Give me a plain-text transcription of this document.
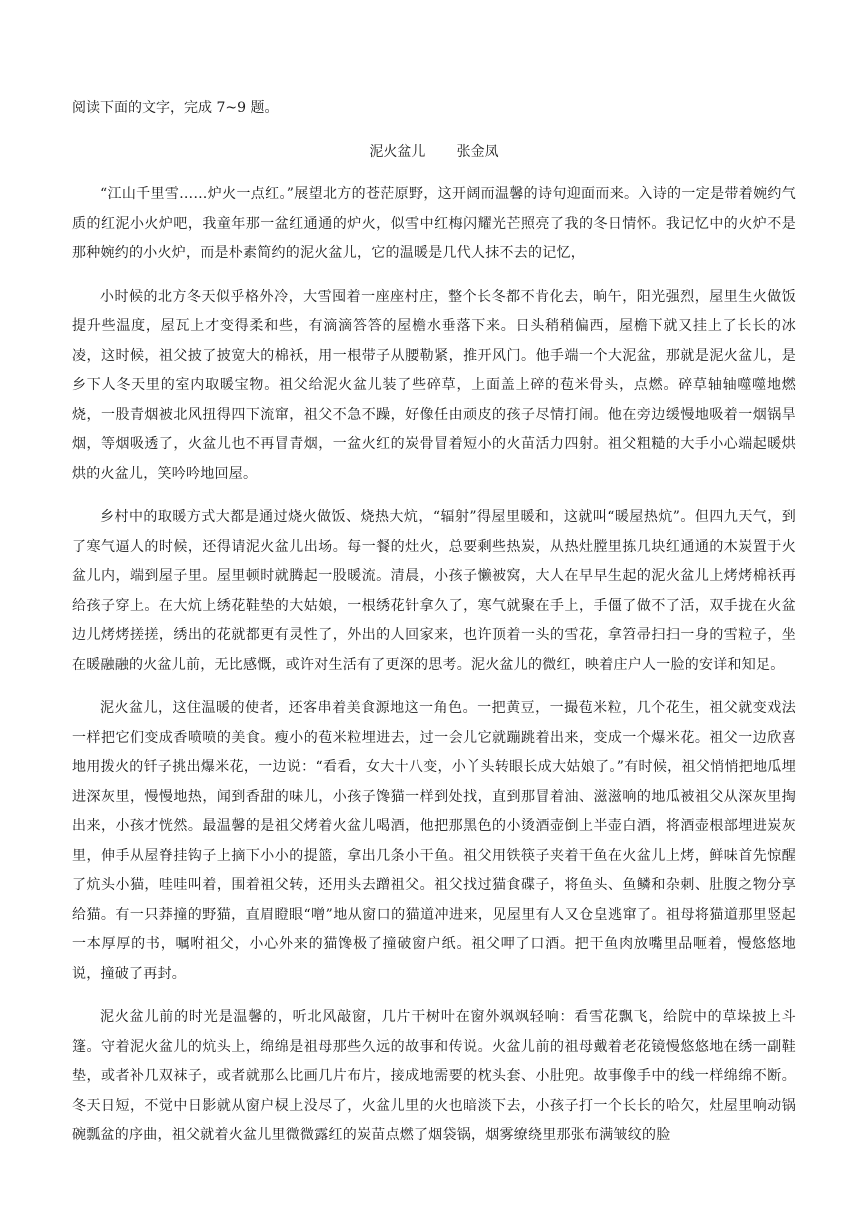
阅读下面的文字，完成 7~9 题。

泥火盆儿 张金凤

“江山千里雪……炉火一点红。”展望北方的苍茫原野，这开阔而温馨的诗句迎面而来。入诗的一定是带着婉约气质的红泥小火炉吧，我童年那一盆红通通的炉火，似雪中红梅闪耀光芒照亮了我的冬日情怀。我记忆中的火炉不是那种婉约的小火炉，而是朴素简约的泥火盆儿，它的温暖是几代人抹不去的记忆，

小时候的北方冬天似乎格外冷，大雪囤着一座座村庄，整个长冬都不肯化去，晌午，阳光强烈，屋里生火做饭提升些温度，屋瓦上才变得柔和些，有滴滴答答的屋檐水垂落下来。日头稍稍偏西，屋檐下就又挂上了长长的冰凌，这时候，祖父披了披宽大的棉袄，用一根带子从腰勒紧，推开风门。他手端一个大泥盆，那就是泥火盆儿，是乡下人冬天里的室内取暖宝物。祖父给泥火盆儿装了些碎草，上面盖上碎的苞米骨头，点燃。碎草轴轴噬噬地燃烧，一股青烟被北风扭得四下流窜，祖父不急不躁，好像任由顽皮的孩子尽情打闹。他在旁边缓慢地吸着一烟锅旱烟，等烟吸透了，火盆儿也不再冒青烟，一盆火红的炭骨冒着短小的火苗活力四射。祖父粗糙的大手小心端起暖烘烘的火盆儿，笑吟吟地回屋。

乡村中的取暖方式大都是通过烧火做饭、烧热大炕，“辐射”得屋里暖和，这就叫“暖屋热炕”。但四九天气，到了寒气逼人的时候，还得请泥火盆儿出场。每一餐的灶火，总要剩些热炭，从热灶膛里拣几块红通通的木炭置于火盆儿内，端到屋子里。屋里顿时就腾起一股暖流。清晨，小孩子懒被窝，大人在早早生起的泥火盆儿上烤烤棉袄再给孩子穿上。在大炕上绣花鞋垫的大姑娘，一根绣花针拿久了，寒气就聚在手上，手僵了做不了活，双手拢在火盆边儿烤烤搓搓，绣出的花就都更有灵性了，外出的人回家来，也许顶着一头的雪花，拿笤帚扫扫一身的雪粒子，坐在暖融融的火盆儿前，无比感慨，或许对生活有了更深的思考。泥火盆儿的微红，映着庄户人一脸的安详和知足。

泥火盆儿，这住温暖的使者，还客串着美食源地这一角色。一把黄豆，一撮苞米粒，几个花生，祖父就变戏法一样把它们变成香喷喷的美食。瘦小的苞米粒埋进去，过一会儿它就蹦跳着出来，变成一个爆米花。祖父一边欣喜地用拨火的钎子挑出爆米花，一边说：“看看，女大十八变，小丫头转眼长成大姑娘了。”有时候，祖父悄悄把地瓜埋进深灰里，慢慢地热，闻到香甜的味儿，小孩子馋猫一样到处找，直到那冒着油、滋滋响的地瓜被祖父从深灰里掏出来，小孩才恍然。最温馨的是祖父烤着火盆儿喝酒，他把那黑色的小烫酒壶倒上半壶白酒，将酒壶根部埋进炭灰里，伸手从屋脊挂钩子上摘下小小的提篮，拿出几条小干鱼。祖父用铁筷子夹着干鱼在火盆儿上烤，鲜味首先惊醒了炕头小猫，哇哇叫着，围着祖父转，还用头去蹭祖父。祖父找过猫食碟子，将鱼头、鱼鳞和杂刺、肚腹之物分享给猫。有一只莽撞的野猫，直眉瞪眼“噌”地从窗口的猫道冲进来，见屋里有人又仓皇逃窜了。祖母将猫道那里竖起一本厚厚的书，嘱咐祖父，小心外来的猫馋极了撞破窗户纸。祖父呷了口酒。把干鱼肉放嘴里品咂着，慢悠悠地说，撞破了再封。

泥火盆儿前的时光是温馨的，听北风敲窗，几片干树叶在窗外飒飒轻响：看雪花飘飞，给院中的草垛披上斗篷。守着泥火盆儿的炕头上，绵绵是祖母那些久远的故事和传说。火盆儿前的祖母戴着老花镜慢悠悠地在绣一副鞋垫，或者补几双袜子，或者就那么比画几片布片，接成地需要的枕头套、小肚兜。故事像手中的线一样绵绵不断。冬天日短，不觉中日影就从窗户棂上没尽了，火盆儿里的火也暗淡下去，小孩子打一个长长的哈欠，灶屋里响动锅碗瓢盆的序曲，祖父就着火盆儿里微微露红的炭苗点燃了烟袋锅，烟雾缭绕里那张布满皱纹的脸
